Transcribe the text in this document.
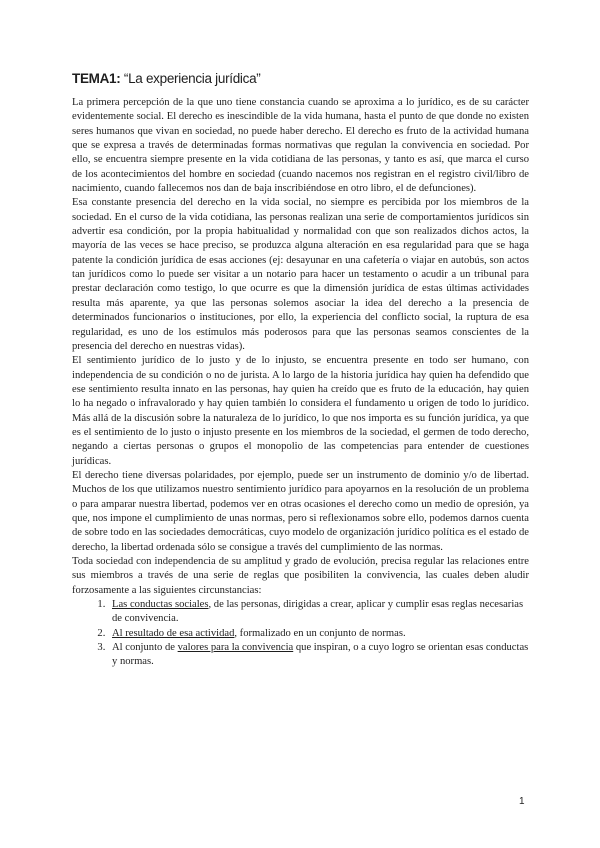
TEMA1: “La experiencia jurídica”

La primera percepción de la que uno tiene constancia cuando se aproxima a lo jurídico, es de su carácter evidentemente social. El derecho es inescindible de la vida humana, hasta el punto de que donde no existen seres humanos que vivan en sociedad, no puede haber derecho. El derecho es fruto de la actividad humana que se expresa a través de determinadas formas normativas que regulan la convivencia en sociedad. Por ello, se encuentra siempre presente en la vida cotidiana de las personas, y tanto es así, que marca el curso de los acontecimientos del hombre en sociedad (cuando nacemos nos registran en el registro civil/libro de nacimiento, cuando fallecemos nos dan de baja inscribiéndose en otro libro, el de defunciones).

Esa constante presencia del derecho en la vida social, no siempre es percibida por los miembros de la sociedad. En el curso de la vida cotidiana, las personas realizan una serie de comportamientos jurídicos sin advertir esa condición, por la propia habitualidad y normalidad con que son realizados dichos actos, la mayoría de las veces se hace preciso, se produzca alguna alteración en esa regularidad para que se haga patente la condición jurídica de esas acciones (ej: desayunar en una cafetería o viajar en autobús, son actos tan jurídicos como lo puede ser visitar a un notario para hacer un testamento o acudir a un tribunal para prestar declaración como testigo, lo que ocurre es que la dimensión jurídica de estas últimas actividades resulta más aparente, ya que las personas solemos asociar la idea del derecho a la presencia de determinados funcionarios o instituciones, por ello, la experiencia del conflicto social, la ruptura de esa regularidad, es uno de los estímulos más poderosos para que las personas seamos conscientes de la presencia del derecho en nuestras vidas).

El sentimiento jurídico de lo justo y de lo injusto, se encuentra presente en todo ser humano, con independencia de su condición o no de jurista. A lo largo de la historia jurídica hay quien ha defendido que ese sentimiento resulta innato en las personas, hay quien ha creído que es fruto de la educación, hay quien lo ha negado o infravalorado y hay quien también lo considera el fundamento u origen de todo lo jurídico. Más allá de la discusión sobre la naturaleza de lo jurídico, lo que nos importa es su función jurídica, ya que es el sentimiento de lo justo o injusto presente en los miembros de la sociedad, el germen de todo derecho, negando a ciertas personas o grupos el monopolio de las competencias para entender de cuestiones jurídicas.

El derecho tiene diversas polaridades, por ejemplo, puede ser un instrumento de dominio y/o de libertad. Muchos de los que utilizamos nuestro sentimiento jurídico para apoyarnos en la resolución de un problema o para amparar nuestra libertad, podemos ver en otras ocasiones el derecho como un medio de opresión, ya que, nos impone el cumplimiento de unas normas, pero si reflexionamos sobre ello, podemos darnos cuenta de sobre todo en las sociedades democráticas, cuyo modelo de organización jurídico política es el estado de derecho, la libertad ordenada sólo se consigue a través del cumplimiento de las normas.

Toda sociedad con independencia de su amplitud y grado de evolución, precisa regular las relaciones entre sus miembros a través de una serie de reglas que posibiliten la convivencia, las cuales deben aludir forzosamente a las siguientes circunstancias:

1. Las conductas sociales, de las personas, dirigidas a crear, aplicar y cumplir esas reglas necesarias de convivencia.
2. Al resultado de esa actividad, formalizado en un conjunto de normas.
3. Al conjunto de valores para la convivencia que inspiran, o a cuyo logro se orientan esas conductas y normas.
1
